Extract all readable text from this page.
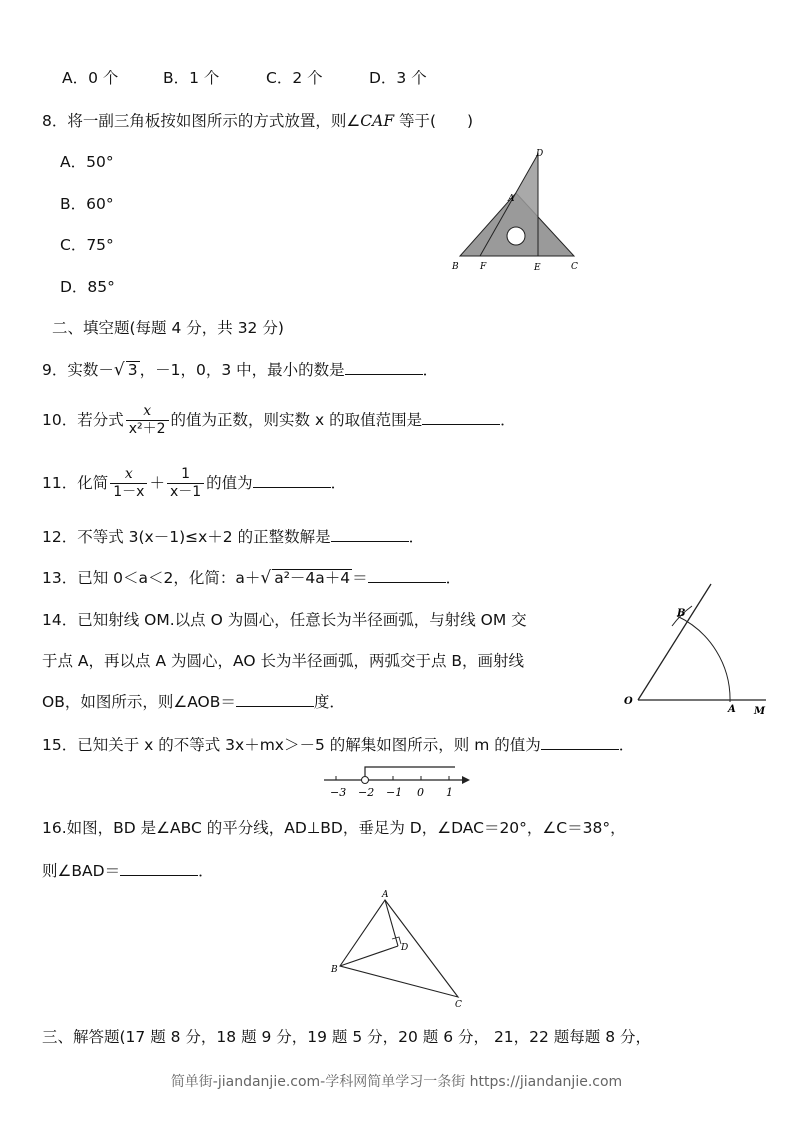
A．0 个	B．1 个	C．2 个	D．3 个
8．将一副三角板按如图所示的方式放置，则∠CAF 等于(　　)
A．50°
B．60°
C．75°
D．85°
D
A
B F	E	C
二、填空题(每题 4 分，共 32 分)
9．实数－√ 3 ，－1，0，3 中，最小的数是	．
10．若分式 $\frac{x}{\text{x²＋2}}$ 的值为正数，则实数 x 的取值范围是	．
11．化简 $\frac{x}{1-x} + \frac{1}{x-1}$ 的值为	．
12．不等式 3(x－1)≤x＋2 的正整数解是	．
13．已知 0＜a＜2，化简：a＋√ a²－4a＋4 ＝	．
14．已知射线 OM.以点 O 为圆心，任意长为半径画弧，与射线 OM 交
于点 A，再以点 A 为圆心，AO 长为半径画弧，两弧交于点 B，画射线
OB，如图所示，则∠AOB＝	度．
B
O
A M
15．已知关于 x 的不等式 3x＋mx＞－5 的解集如图所示，则 m 的值为	．
−3 −2 −1 0 1
16.如图，BD 是∠ABC 的平分线，AD⊥BD，垂足为 D，∠DAC＝20°，∠C＝38°，
则∠BAD＝	．
A
B
D
C
三、解答题(17 题 8 分，18 题 9 分，19 题 5 分，20 题 6 分， 21，22 题每题 8 分，
简单街-jiandanjie.com-学科网简单学习一条街 https://jiandanjie.com
